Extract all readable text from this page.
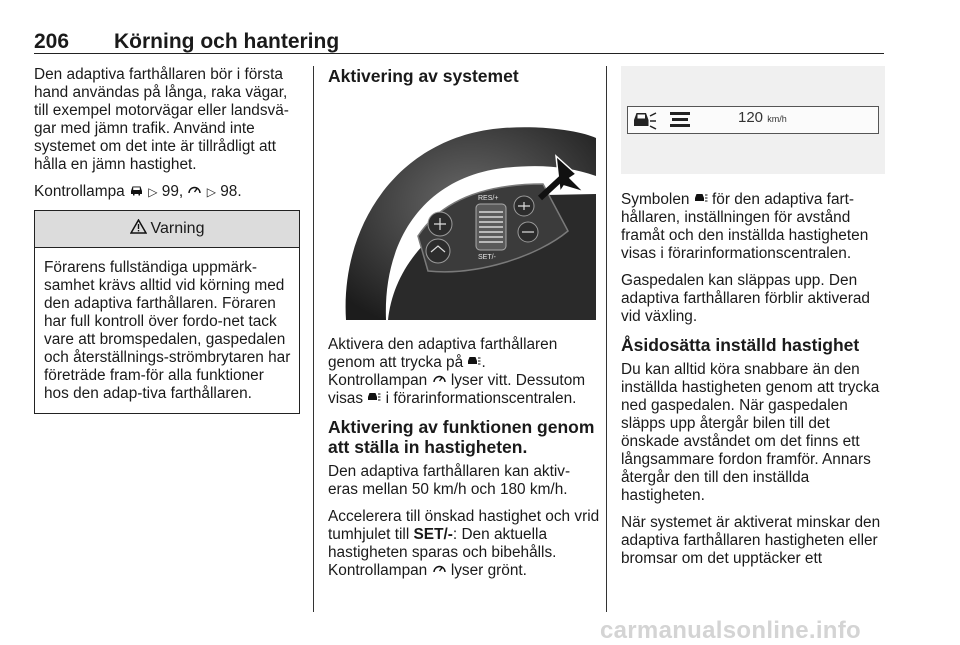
206 Körning och hantering

Den adaptiva farthållaren bör i första hand användas på långa, raka vägar, till exempel motorvägar eller landsvä-gar med jämn trafik. Använd inte systemet om det inte är tillrådligt att hålla en jämn hastighet.

Kontrollampa ▷ 99, ▷ 98.

Varning
Förarens fullständiga uppmärk-samhet krävs alltid vid körning med den adaptiva farthållaren. Föraren har full kontroll över fordo-net tack vare att bromspedalen, gaspedalen och återställnings-strömbrytaren har företräde fram-för alla funktioner hos den adap-tiva farthållaren.
Aktivering av systemet
RES/+
SET/-

Aktivera den adaptiva farthållaren genom att trycka på .
Kontrollampan lyser vitt. Dessutom visas i förarinformationscentralen.

Aktivering av funktionen genom att ställa in hastigheten.

Den adaptiva farthållaren kan aktiv-eras mellan 50 km/h och 180 km/h.

Accelerera till önskad hastighet och vrid tumhjulet till SET/-: Den aktuella hastigheten sparas och bibehålls.
Kontrollampan lyser grönt.

120 km/h

Symbolen för den adaptiva fart-hållaren, inställningen för avstånd framåt och den inställda hastigheten visas i förarinformationscentralen.

Gaspedalen kan släppas upp. Den adaptiva farthållaren förblir aktiverad vid växling.

Åsidosätta inställd hastighet

Du kan alltid köra snabbare än den inställda hastigheten genom att trycka ned gaspedalen. När gaspedalen släpps upp återgår bilen till det önskade avståndet om det finns ett långsammare fordon framför. Annars återgår den till den inställda hastigheten.

När systemet är aktiverat minskar den adaptiva farthållaren hastigheten eller bromsar om det upptäcker ett

carmanualsonline.info
